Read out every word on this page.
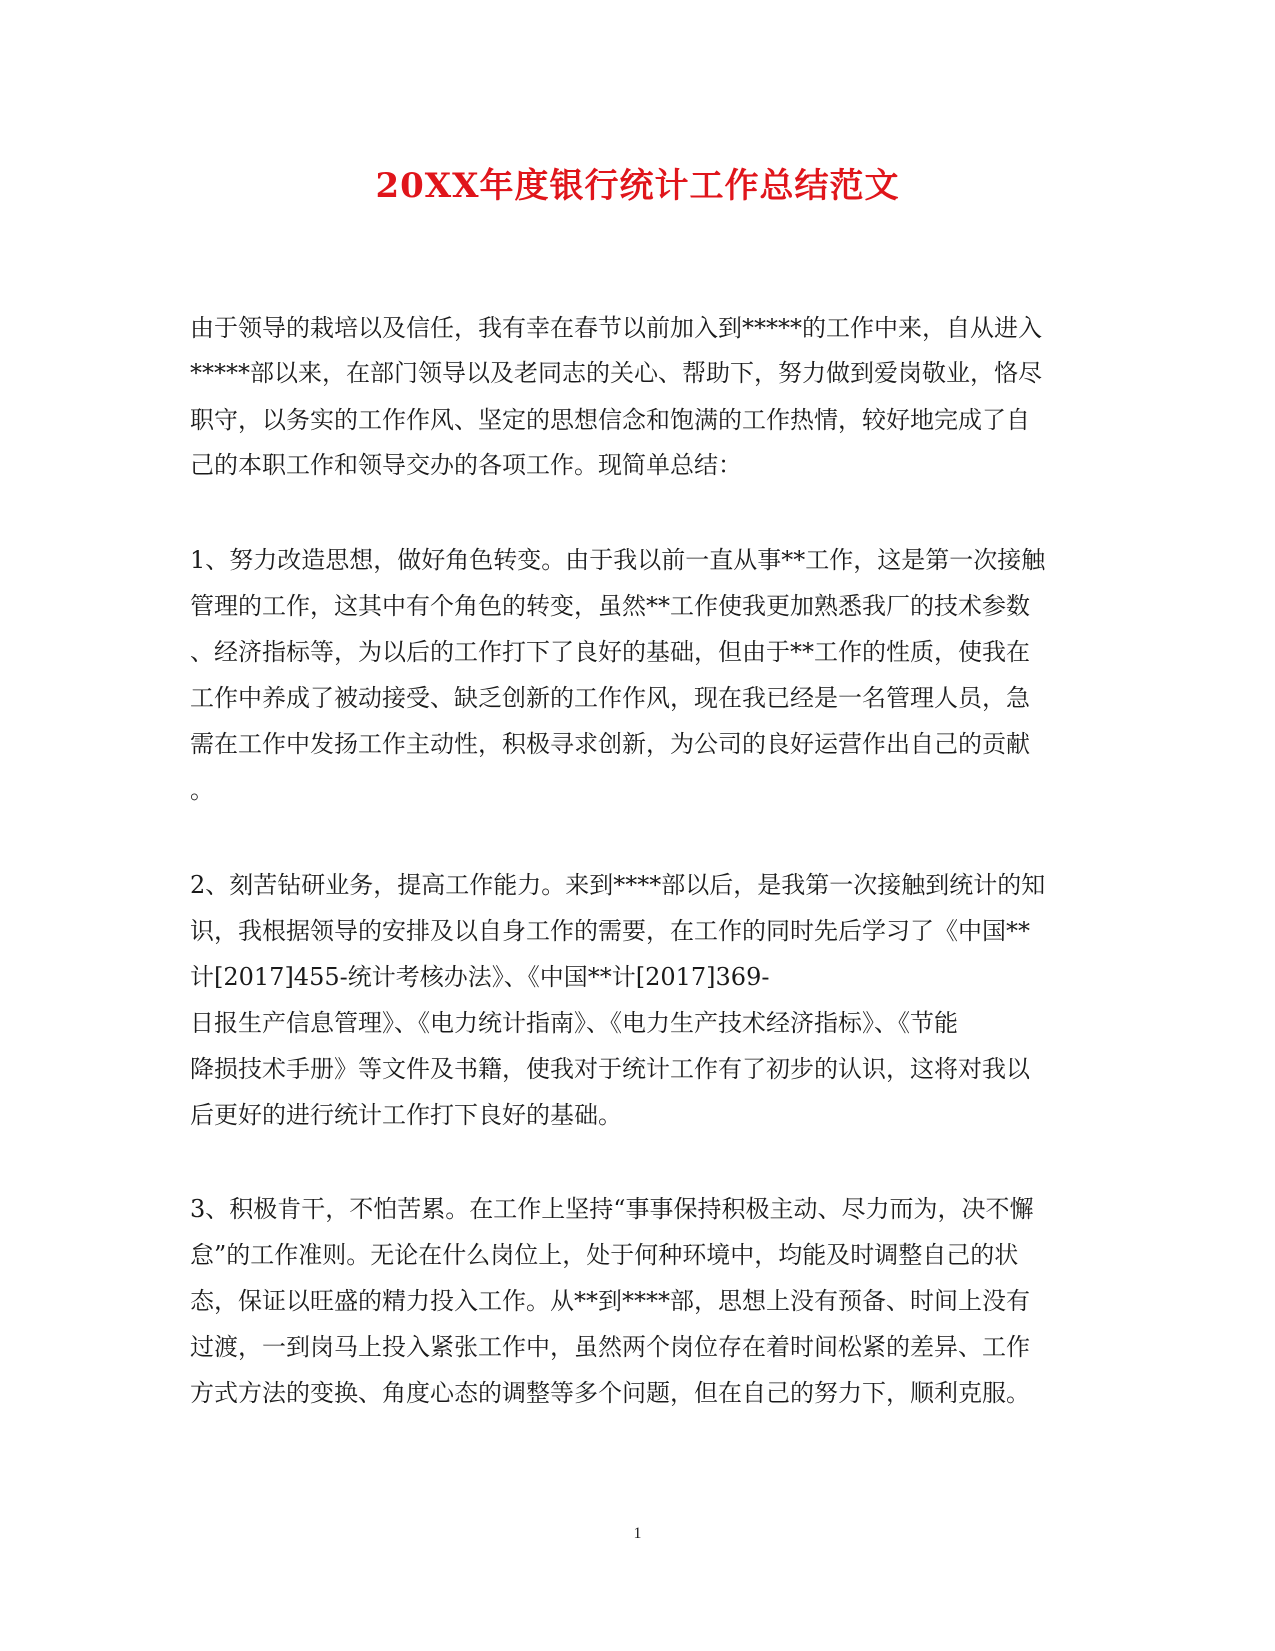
20XX年度银行统计工作总结范文
由于领导的栽培以及信任，我有幸在春节以前加入到*****的工作中来，自从进入
*****部以来，在部门领导以及老同志的关心、帮助下，努力做到爱岗敬业，恪尽
职守，以务实的工作作风、坚定的思想信念和饱满的工作热情，较好地完成了自
己的本职工作和领导交办的各项工作。现简单总结：
1、努力改造思想，做好角色转变。由于我以前一直从事**工作，这是第一次接触
管理的工作，这其中有个角色的转变，虽然**工作使我更加熟悉我厂的技术参数
、经济指标等，为以后的工作打下了良好的基础，但由于**工作的性质，使我在
工作中养成了被动接受、缺乏创新的工作作风，现在我已经是一名管理人员，急
需在工作中发扬工作主动性，积极寻求创新，为公司的良好运营作出自己的贡献
。
2、刻苦钻研业务，提高工作能力。来到****部以后，是我第一次接触到统计的知
识，我根据领导的安排及以自身工作的需要，在工作的同时先后学习了《中国**
计[2017]455-统计考核办法》、《中国**计[2017]369-
日报生产信息管理》、《电力统计指南》、《电力生产技术经济指标》、《节能
降损技术手册》等文件及书籍，使我对于统计工作有了初步的认识，这将对我以
后更好的进行统计工作打下良好的基础。
3、积极肯干，不怕苦累。在工作上坚持“事事保持积极主动、尽力而为，决不懈
怠”的工作准则。无论在什么岗位上，处于何种环境中，均能及时调整自己的状
态，保证以旺盛的精力投入工作。从**到****部，思想上没有预备、时间上没有
过渡，一到岗马上投入紧张工作中，虽然两个岗位存在着时间松紧的差异、工作
方式方法的变换、角度心态的调整等多个问题，但在自己的努力下，顺利克服。
1
